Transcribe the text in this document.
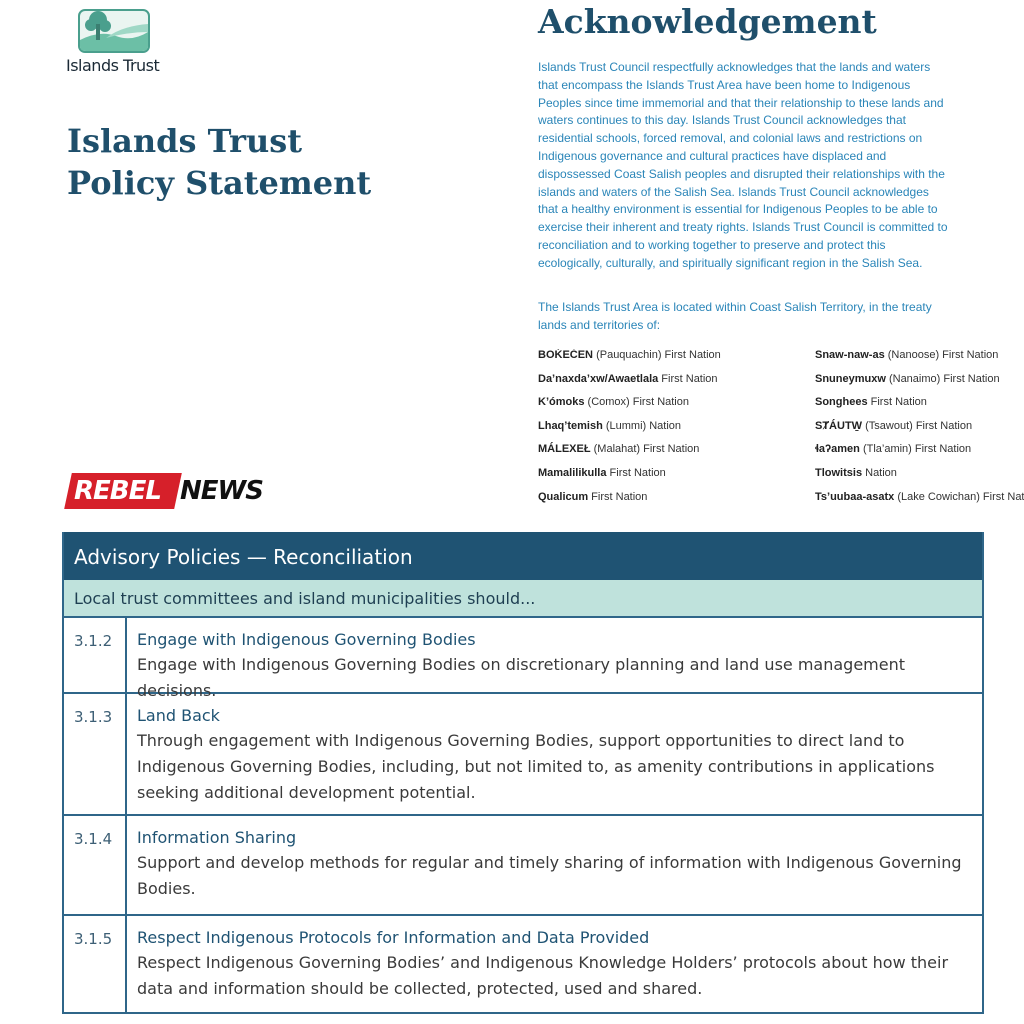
Islands Trust
Islands Trust
Policy Statement
Acknowledgement

Islands Trust Council respectfully acknowledges that the lands and waters that encompass the Islands Trust Area have been home to Indigenous Peoples since time immemorial and that their relationship to these lands and waters continues to this day. Islands Trust Council acknowledges that residential schools, forced removal, and colonial laws and restrictions on Indigenous governance and cultural practices have displaced and dispossessed Coast Salish peoples and disrupted their relationships with the islands and waters of the Salish Sea. Islands Trust Council acknowledges that a healthy environment is essential for Indigenous Peoples to be able to exercise their inherent and treaty rights. Islands Trust Council is committed to reconciliation and to working together to preserve and protect this ecologically, culturally, and spiritually significant region in the Salish Sea.

The Islands Trust Area is located within Coast Salish Territory, in the treaty lands and territories of:

BOḰEĆEN (Pauquachin) First Nation
Da’naxda’xw/Awaetlala First Nation
K’ómoks (Comox) First Nation
Lhaq’temish (Lummi) Nation
MÁLEXEŁ (Malahat) First Nation
Mamalilikulla First Nation
Qualicum First Nation
Snaw-naw-as (Nanoose) First Nation
Snuneymuxw (Nanaimo) First Nation
Songhees First Nation
SȾÁUTW̱ (Tsawout) First Nation
ɬaʔamen (Tla’amin) First Nation
Tlowitsis Nation
Ts’uubaa-asatx (Lake Cowichan) First Nat
REBEL NEWS
Advisory Policies — Reconciliation
Local trust committees and island municipalities should...
3.1.2	Engage with Indigenous Governing Bodies
Engage with Indigenous Governing Bodies on discretionary planning and land use management decisions.
3.1.3	Land Back
Through engagement with Indigenous Governing Bodies, support opportunities to direct land to Indigenous Governing Bodies, including, but not limited to, as amenity contributions in applications seeking additional development potential.
3.1.4	Information Sharing
Support and develop methods for regular and timely sharing of information with Indigenous Governing Bodies.
3.1.5	Respect Indigenous Protocols for Information and Data Provided
Respect Indigenous Governing Bodies’ and Indigenous Knowledge Holders’ protocols about how their data and information should be collected, protected, used and shared.
